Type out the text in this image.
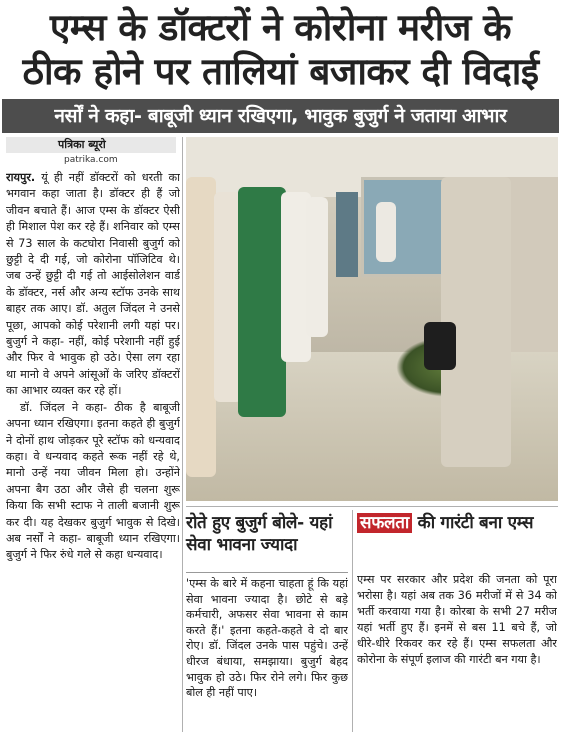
एम्स के डॉक्टरों ने कोरोना मरीज के
ठीक होने पर तालियां बजाकर दी विदाई
नर्सों ने कहा- बाबूजी ध्यान रखिएगा, भावुक बुजुर्ग ने जताया आभार
पत्रिका ब्यूरो
patrika.com

रायपुर. यूं ही नहीं डॉक्टरों को धरती का भगवान कहा जाता है। डॉक्टर ही हैं जो जीवन बचाते हैं। आज एम्स के डॉक्टर ऐसी ही मिशाल पेश कर रहे हैं। शनिवार को एम्स से 73 साल के कटघोरा निवासी बुजुर्ग को छुट्टी दे दी गई, जो कोरोना पॉजिटिव थे। जब उन्हें छुट्टी दी गई तो आईसोलेशन वार्ड के डॉक्टर, नर्स और अन्य स्टॉफ उनके साथ बाहर तक आए। डॉ. अतुल जिंदल ने उनसे पूछा, आपको कोई परेशानी लगी यहां पर। बुजुर्ग ने कहा- नहीं, कोई परेशानी नहीं हुई और फिर वे भावुक हो उठे। ऐसा लग रहा था मानो वे अपने आंसूओं के जरिए डॉक्टरों का आभार व्यक्त कर रहे हों।

डॉ. जिंदल ने कहा- ठीक है बाबूजी अपना ध्यान रखिएगा। इतना कहते ही बुजुर्ग ने दोनों हाथ जोड़कर पूरे स्टॉफ को धन्यवाद कहा। वे धन्यवाद कहते रूक नहीं रहे थे, मानो उन्हें नया जीवन मिला हो। उन्होंने अपना बैग उठा और जैसे ही चलना शुरू किया कि सभी स्टाफ ने ताली बजानी शुरू कर दी। यह देखकर बुजुर्ग भावुक से दिखे। अब नर्सों ने कहा- बाबूजी ध्यान रखिएगा। बुजुर्ग ने फिर रुंधे गले से कहा धन्यवाद।

रोते हुए बुजुर्ग बोले- यहां सेवा भावना ज्यादा
'एम्स के बारे में कहना चाहता हूं कि यहां सेवा भावना ज्यादा है। छोटे से बड़े कर्मचारी, अफसर सेवा भावना से काम करते हैं।' इतना कहते-कहते वे दो बार रोए। डॉ. जिंदल उनके पास पहुंचे। उन्हें धीरज बंधाया, समझाया। बुजुर्ग बेहद भावुक हो उठे। फिर रोने लगे। फिर कुछ बोल ही नहीं पाए।
सफलता की गारंटी बना एम्स
एम्स पर सरकार और प्रदेश की जनता को पूरा भरोसा है। यहां अब तक 36 मरीजों में से 34 को भर्ती करवाया गया है। कोरबा के सभी 27 मरीज यहां भर्ती हुए हैं। इनमें से बस 11 बचे हैं, जो धीरे-धीरे रिकवर कर रहे हैं। एम्स सफलता और कोरोना के संपूर्ण इलाज की गारंटी बन गया है।
